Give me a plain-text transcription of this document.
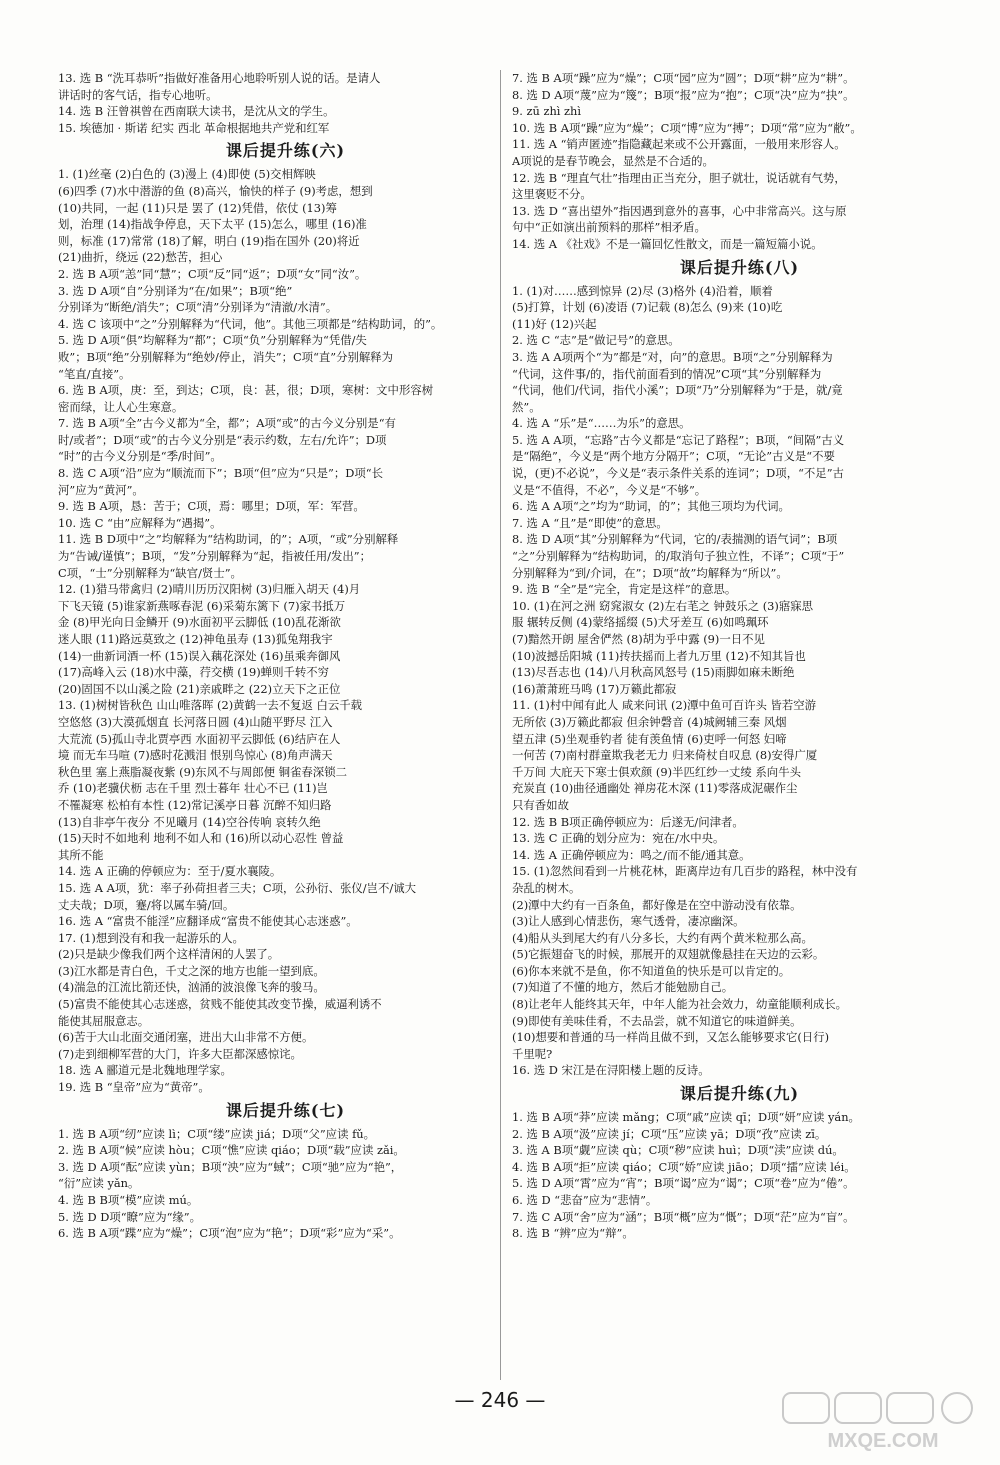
13. 选 B “洗耳恭听”指做好准备用心地聆听别人说的话。是请人
讲话时的客气话，指专心地听。
14. 选 B 汪曾祺曾在西南联大读书，是沈从文的学生。
15. 埃德加 · 斯诺 纪实 西北 革命根据地共产党和红军
课后提升练(六)
1. (1)丝毫 (2)白色的 (3)漫上 (4)即使 (5)交相辉映
(6)四季 (7)水中潜游的鱼 (8)高兴，愉快的样子 (9)考虑，想到
(10)共同，一起 (11)只是 罢了 (12)凭借，依仗 (13)筹
划，治理 (14)指战争停息，天下太平 (15)怎么，哪里 (16)准
则，标准 (17)常常 (18)了解，明白 (19)指在国外 (20)将近
(21)曲折，绕远 (22)愁苦，担心
2. 选 B A项“恙”同“慧”；C项“反”同“返”；D项“女”同“汝”。
3. 选 D A项“自”分别译为“在/如果”；B项“绝”
分别译为“断绝/消失”；C项“清”分别译为“清澈/水清”。
4. 选 C 该项中“之”分别解释为“代词，他”。其他三项都是“结构助词，的”。
5. 选 D A项“俱”均解释为“都”；C项“负”分别解释为“凭借/失
败”；B项“绝”分别解释为“绝妙/停止，消失”；C项“直”分别解释为
“笔直/直接”。
6. 选 B A项，庚：至，到达；C项，良：甚，很；D项，寒树：文中形容树
密而绿，让人心生寒意。
7. 选 B A项“全”古今义都为“全，都”；A项“或”的古今义分别是“有
时/或者”；D项“或”的古今义分别是“表示约数，左右/允许”；D项
“时”的古今义分别是“季/时间”。
8. 选 C A项“沿”应为“顺流而下”；B项“但”应为“只是”；D项“长
河”应为“黄河”。
9. 选 B A项，恳：苦于；C项，焉：哪里；D项，军：军营。
10. 选 C “由”应解释为“遇揭”。
11. 选 B D项中“之”均解释为“结构助词，的”；A项，“或”分别解释
为“告诫/谨慎”；B项，“发”分别解释为“起，指被任用/发出”；
C项，“士”分别解释为“缺官/贤士”。
12. (1)猎马带禽归 (2)晴川历历汉阳树 (3)归雁入胡天 (4)月
下飞天镜 (5)谁家新燕啄春泥 (6)采菊东篱下 (7)家书抵万
金 (8)甲光向日金鳞开 (9)水面初平云脚低 (10)乱花渐欲
迷人眼 (11)路远莫致之 (12)神龟虽寿 (13)狐兔翔我宇
(14)一曲新词酒一杯 (15)误入藕花深处 (16)虽乘奔御风
(17)高峰入云 (18)水中藻，荇交横 (19)蝉则千转不穷
(20)固国不以山溪之险 (21)亲戚畔之 (22)立天下之正位
13. (1)树树皆秋色 山山唯落晖 (2)黄鹤一去不复返 白云千载
空悠悠 (3)大漠孤烟直 长河落日圆 (4)山随平野尽 江入
大荒流 (5)孤山寺北贾亭西 水面初平云脚低 (6)结庐在人
境 而无车马喧 (7)感时花溅泪 恨别鸟惊心 (8)角声满天
秋色里 塞上燕脂凝夜紫 (9)东风不与周郎便 铜雀春深锁二
乔 (10)老骥伏枥 志在千里 烈士暮年 壮心不已 (11)岂
不罹凝寒 松柏有本性 (12)常记溪亭日暮 沉醉不知归路
(13)自非亭午夜分 不见曦月 (14)空谷传响 哀转久绝
(15)天时不如地利 地利不如人和 (16)所以动心忍性 曾益
其所不能
14. 选 A 正确的停顿应为：至于/夏水襄陵。
15. 选 A A项，犹：率子孙荷担者三夫；C项，公孙衍、张仪/岂不/诚大
丈夫哉；D项，蹇/将以属车骑/回。
16. 选 A “富贵不能淫”应翻译成“富贵不能使其心志迷惑”。
17. (1)想到没有和我一起游乐的人。
(2)只是缺少像我们两个这样清闲的人罢了。
(3)江水都是青白色，千丈之深的地方也能一望到底。
(4)湍急的江流比箭还快，汹涌的波浪像飞奔的骏马。
(5)富贵不能使其心志迷惑，贫贱不能使其改变节操，威逼利诱不
能使其屈服意志。
(6)苦于大山北面交通闭塞，进出大山非常不方便。
(7)走到细柳军营的大门，许多大臣都深感惊诧。
18. 选 A 郦道元是北魏地理学家。
19. 选 B “皇帝”应为“黄帝”。
课后提升练(七)
1. 选 B A项“纫”应读 lì；C项“缕”应读 jiá；D项“父”应读 fǔ。
2. 选 B A项“候”应读 hòu；C项“憔”应读 qiáo；D项“载”应读 zǎi。
3. 选 D A项“酝”应读 yùn；B项“泱”应为“蜮”；C项“驰”应为“艳”，
“衍”应读 yǎn。
4. 选 B B项“模”应读 mú。
5. 选 D D项“瞭”应为“缘”。
6. 选 B A项“蹀”应为“燥”；C项“泡”应为“艳”；D项“彩”应为“采”。
7. 选 B A项“躁”应为“燥”；C项“园”应为“圆”；D项“耕”应为“耕”。
8. 选 D A项“蔑”应为“篾”；B项“报”应为“抱”；C项“决”应为“抉”。
9. zū zhì zhì
10. 选 B A项“躁”应为“燥”；C项“博”应为“搏”；D项“常”应为“敝”。
11. 选 A “销声匿迹”指隐藏起来或不公开露面，一般用来形容人。
A项说的是春节晚会，显然是不合适的。
12. 选 B “理直气壮”指理由正当充分，胆子就壮，说话就有气势，
这里褒贬不分。
13. 选 D “喜出望外”指因遇到意外的喜事，心中非常高兴。这与原
句中“正如演出前预料的那样”相矛盾。
14. 选 A 《社戏》不是一篇回忆性散文，而是一篇短篇小说。
课后提升练(八)
1. (1)对……感到惊异 (2)尽 (3)格外 (4)沿着，顺着
(5)打算，计划 (6)凌语 (7)记载 (8)怎么 (9)来 (10)吃
(11)好 (12)兴起
2. 选 C “志”是“做记号”的意思。
3. 选 A A项两个“为”都是“对，向”的意思。B项“之”分别解释为
“代词，这件事/的，指代前面看到的情况”C项“其”分别解释为
“代词，他们/代词，指代小溪”；D项“乃”分别解释为“于是，就/竟
然”。
4. 选 A “乐”是“……为乐”的意思。
5. 选 A A项，“忘路”古今义都是“忘记了路程”；B项，“间隔”古义
是“隔绝”，今义是“两个地方分隔开”；C项，“无论”古义是“不要
说，(更)不必说”，今义是“表示条件关系的连词”；D项，“不足”古
义是“不值得，不必”，今义是“不够”。
6. 选 A A项“之”均为“助词，的”；其他三项均为代词。
7. 选 A “且”是“即使”的意思。
8. 选 D A项“其”分别解释为“代词，它的/表揣测的语气词”；B项
“之”分别解释为“结构助词，的/取消句子独立性，不译”；C项“于”
分别解释为“到/介词，在”；D项“故”均解释为“所以”。
9. 选 B “全”是“完全，肯定是这样”的意思。
10. (1)在河之洲 窈窕淑女 (2)左右芼之 钟鼓乐之 (3)寤寐思
服 辗转反侧 (4)蒙络摇缀 (5)犬牙差互 (6)如鸣珮环
(7)黯然开朗 屋舍俨然 (8)胡为乎中露 (9)一日不见
(10)波撼岳阳城 (11)抟扶摇而上者九万里 (12)不知其旨也
(13)尽吾志也 (14)八月秋高风怒号 (15)雨脚如麻未断绝
(16)萧萧班马鸣 (17)万籁此都寂
11. (1)村中闻有此人 咸来问讯 (2)潭中鱼可百许头 皆若空游
无所依 (3)万籁此都寂 但余钟磬音 (4)城阙辅三秦 风烟
望五津 (5)坐观垂钓者 徒有羡鱼情 (6)吏呼一何怒 妇啼
一何苦 (7)南村群童欺我老无力 归来倚杖自叹息 (8)安得广厦
千万间 大庇天下寒士俱欢颜 (9)半匹红纱一丈绫 系向牛头
充炭直 (10)曲径通幽处 禅房花木深 (11)零落成泥碾作尘
只有香如故
12. 选 B B项正确停顿应为：后遂无/问津者。
13. 选 C 正确的划分应为：宛在/水中央。
14. 选 A 正确停顿应为：鸣之/而不能/通其意。
15. (1)忽然间看到一片桃花林，距离岸边有几百步的路程，林中没有
杂乱的树木。
(2)潭中大约有一百条鱼，都好像是在空中游动没有依靠。
(3)让人感到心情悲伤，寒气透骨，凄凉幽深。
(4)船从头到尾大约有八分多长，大约有两个黄米粒那么高。
(5)它振翅奋飞的时候，那展开的双翅就像悬挂在天边的云彩。
(6)你本来就不是鱼，你不知道鱼的快乐是可以肯定的。
(7)知道了不懂的地方，然后才能勉励自己。
(8)让老年人能终其天年，中年人能为社会效力，幼童能顺利成长。
(9)即使有美味佳肴，不去品尝，就不知道它的味道鲜美。
(10)想要和普通的马一样尚且做不到，又怎么能够要求它(日行)
千里呢?
16. 选 D 宋江是在浔阳楼上题的反诗。
课后提升练(九)
1. 选 B A项“莽”应读 mǎng；C项“戚”应读 qī；D项“妍”应读 yán。
2. 选 B A项“汲”应读 jí；C项“压”应读 yā；D项“孜”应读 zī。
3. 选 A B项“觑”应读 qù；C项“秽”应读 huì；D项“渎”应读 dú。
4. 选 B A项“拒”应读 qiáo；C项“娇”应读 jiāo；D项“擂”应读 léi。
5. 选 D A项“霄”应为“宵”；B项“谒”应为“谒”；C项“卷”应为“倦”。
6. 选 D “悲奋”应为“悲情”。
7. 选 C A项“舍”应为“涵”；B项“概”应为“慨”；D项“茫”应为“盲”。
8. 选 B “辨”应为“辩”。
— 246 —
MXQE.COM
